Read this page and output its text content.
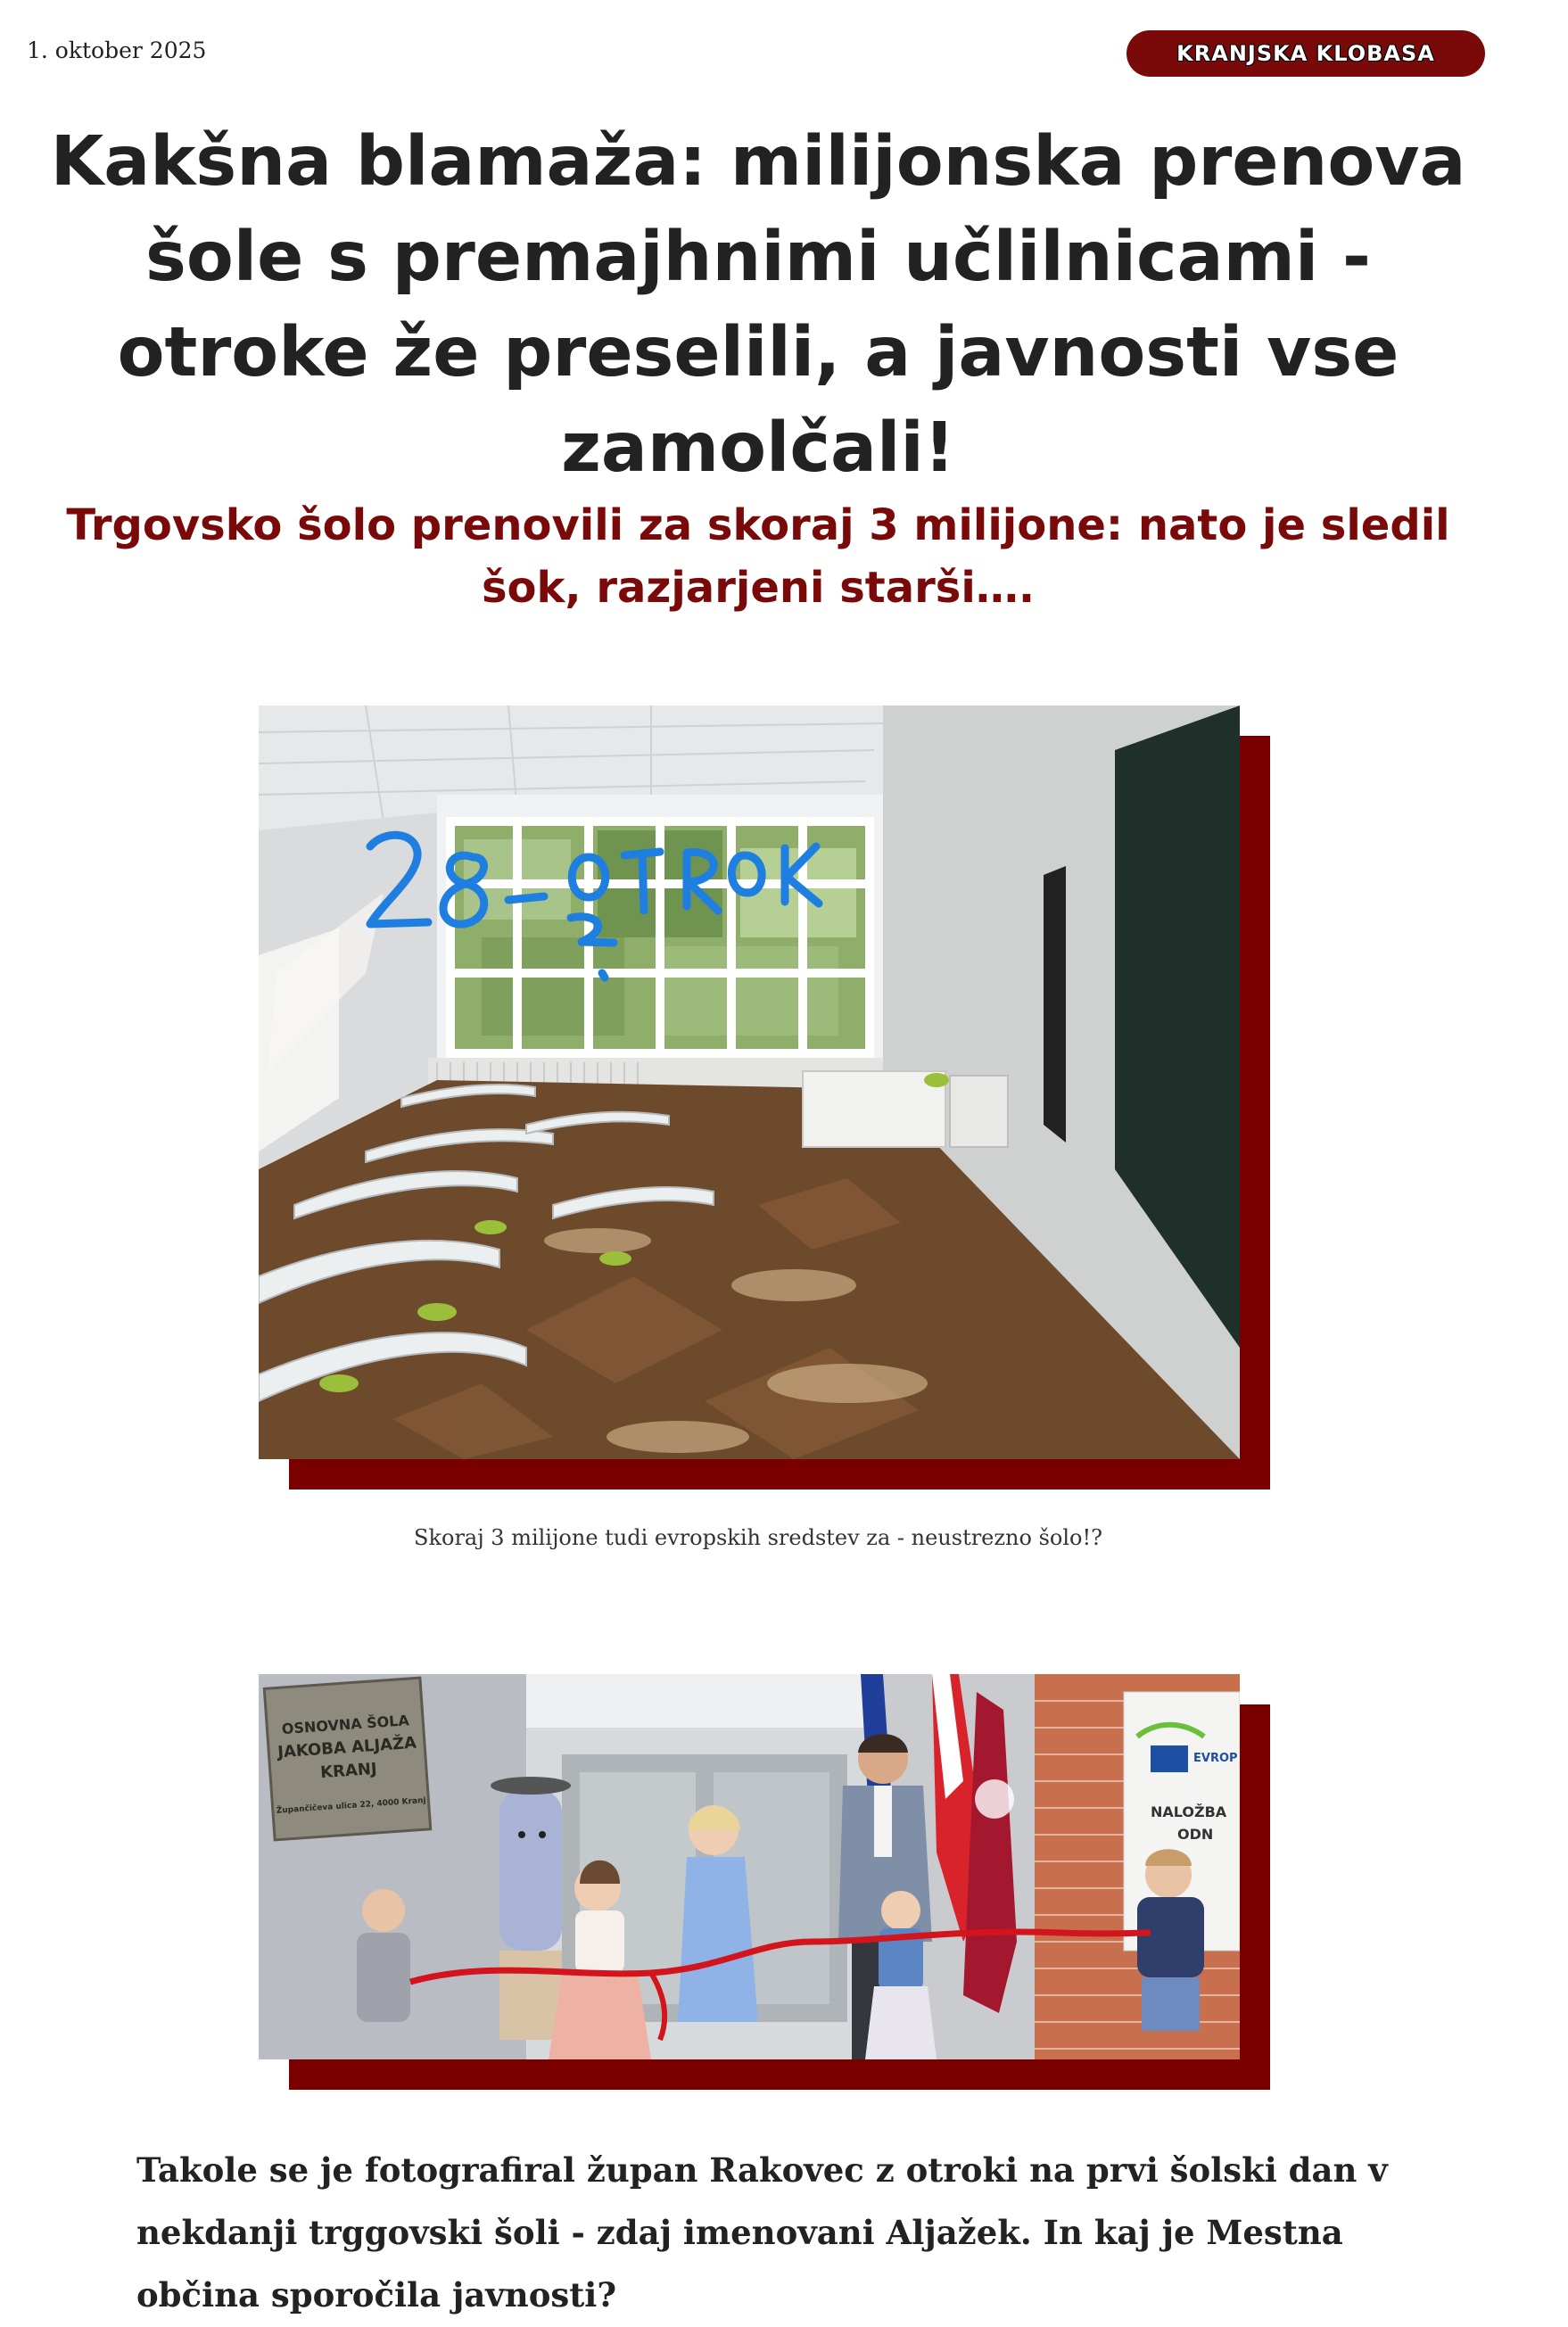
1. oktober 2025	KRANJSKA KLOBASA
Kakšna blamaža: milijonska prenova šole s premajhnimi učlilnicami - otroke že preselili, a javnosti vse zamolčali!
Trgovsko šolo prenovili za skoraj 3 milijone: nato je sledil šok, razjarjeni starši….
Skoraj 3 milijone tudi evropskih sredstev za - neustrezno šolo!?
EVROP
NALOŽBA
ODN
OSNOVNA ŠOLA
JAKOBA ALJAŽA
KRANJ
Župančičeva ulica 22, 4000 Kranj

Takole se je fotografiral župan Rakovec z otroki na prvi šolski dan v nekdanji trggovski šoli - zdaj imenovani Aljažek. In kaj je Mestna občina sporočila javnosti?
